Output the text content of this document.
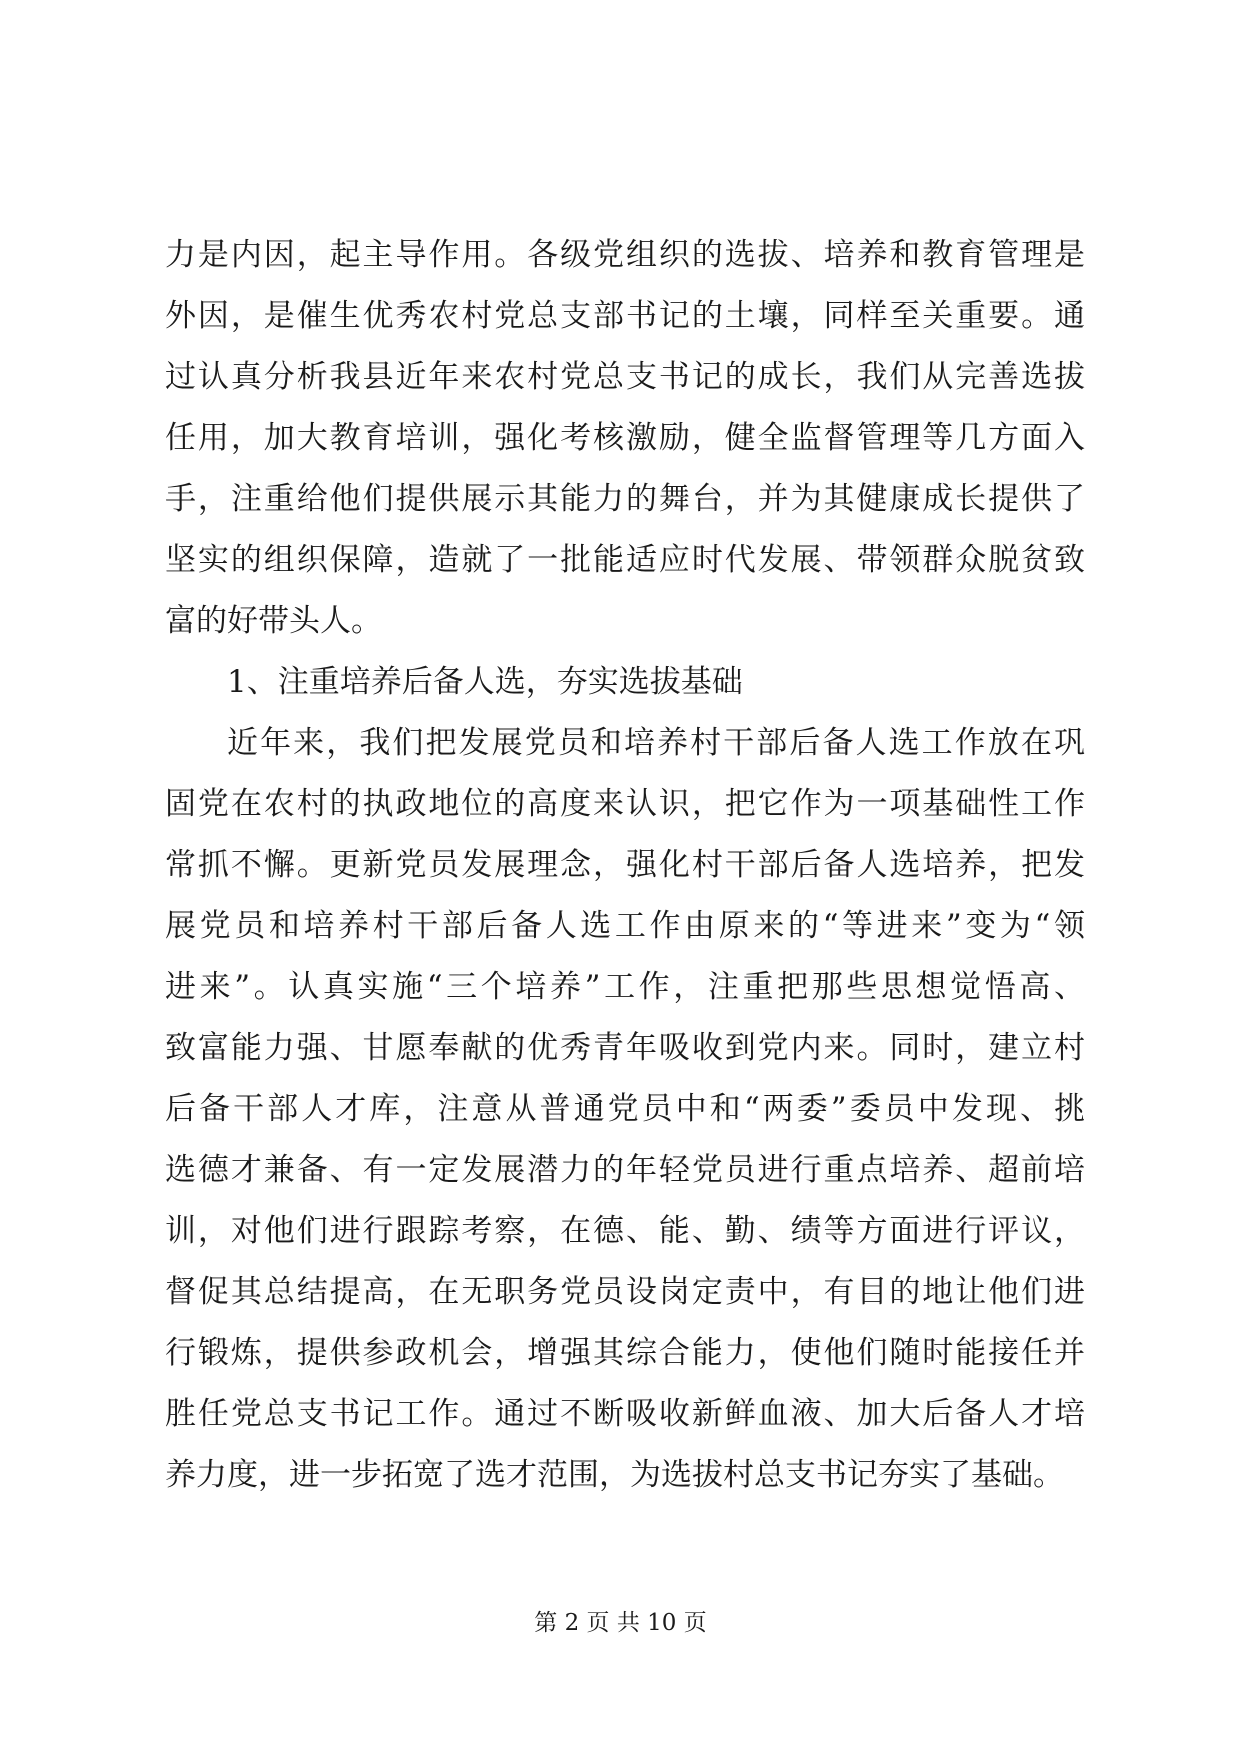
力是内因，起主导作用。各级党组织的选拔、培养和教育管理是
外因，是催生优秀农村党总支部书记的土壤，同样至关重要。通
过认真分析我县近年来农村党总支书记的成长，我们从完善选拔
任用，加大教育培训，强化考核激励，健全监督管理等几方面入
手，注重给他们提供展示其能力的舞台，并为其健康成长提供了
坚实的组织保障，造就了一批能适应时代发展、带领群众脱贫致
富的好带头人。
1、注重培养后备人选，夯实选拔基础
近年来，我们把发展党员和培养村干部后备人选工作放在巩
固党在农村的执政地位的高度来认识，把它作为一项基础性工作
常抓不懈。更新党员发展理念，强化村干部后备人选培养，把发
展党员和培养村干部后备人选工作由原来的“等进来”变为“领
进来”。认真实施“三个培养”工作，注重把那些思想觉悟高、
致富能力强、甘愿奉献的优秀青年吸收到党内来。同时，建立村
后备干部人才库，注意从普通党员中和“两委”委员中发现、挑
选德才兼备、有一定发展潜力的年轻党员进行重点培养、超前培
训，对他们进行跟踪考察，在德、能、勤、绩等方面进行评议，
督促其总结提高，在无职务党员设岗定责中，有目的地让他们进
行锻炼，提供参政机会，增强其综合能力，使他们随时能接任并
胜任党总支书记工作。通过不断吸收新鲜血液、加大后备人才培
养力度，进一步拓宽了选才范围，为选拔村总支书记夯实了基础。
第 2 页 共 10 页
